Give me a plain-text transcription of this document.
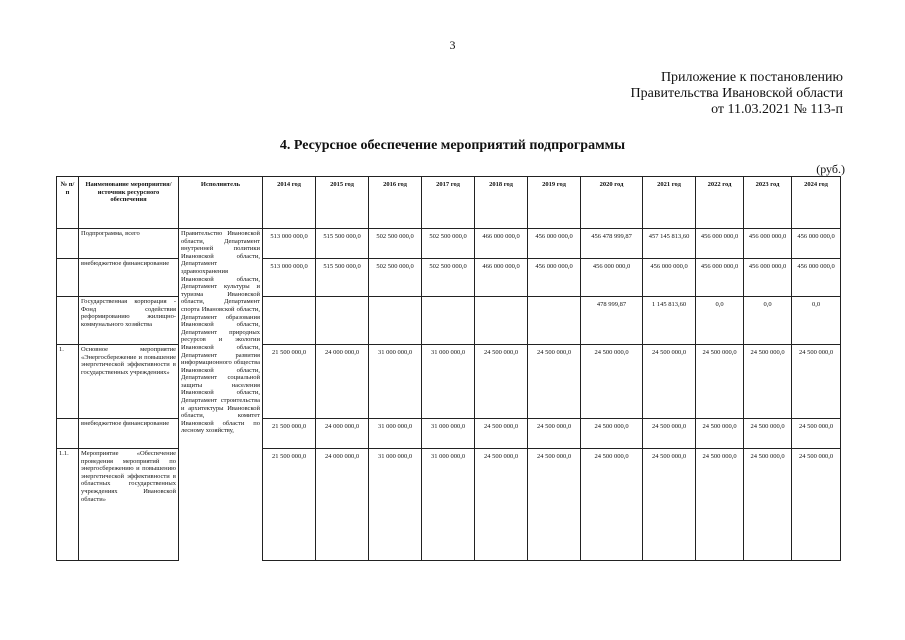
3
Приложение к постановлению
Правительства Ивановской области
от 11.03.2021 № 113-п
4. Ресурсное обеспечение мероприятий подпрограммы
(руб.)
№ п/п	Наименование мероприятия/источник ресурсного обеспечения	Исполнитель	2014 год	2015 год	2016 год	2017 год	2018 год	2019 год	2020 год	2021 год	2022 год	2023 год	2024 год
	Подпрограмма, всего	Правительство Ивановской области, Департамент внутренней политики Ивановской области, Департамент здравоохранения Ивановской области, Департамент культуры и туризма Ивановской области, Департамент спорта Ивановской области, Департамент образования Ивановской области, Департамент природных ресурсов и экологии Ивановской области, Департамент развития информационного общества Ивановской области, Департамент социальной защиты населения Ивановской области, Департамент строительства и архитектуры Ивановской области, комитет Ивановской области по лесному хозяйству,	513 000 000,0	515 500 000,0	502 500 000,0	502 500 000,0	466 000 000,0	456 000 000,0	456 478 999,87	457 145 813,60	456 000 000,0	456 000 000,0	456 000 000,0
	внебюджетное финансирование		513 000 000,0	515 500 000,0	502 500 000,0	502 500 000,0	466 000 000,0	456 000 000,0	456 000 000,0	456 000 000,0	456 000 000,0	456 000 000,0	456 000 000,0
	Государственная корпорация - Фонд содействия реформированию жилищно-коммунального хозяйства								478 999,87	1 145 813,60	0,0	0,0	0,0
1.	Основное мероприятие «Энергосбережение и повышение энергетической эффективности в государственных учреждениях»		21 500 000,0	24 000 000,0	31 000 000,0	31 000 000,0	24 500 000,0	24 500 000,0	24 500 000,0	24 500 000,0	24 500 000,0	24 500 000,0	24 500 000,0
	внебюджетное финансирование		21 500 000,0	24 000 000,0	31 000 000,0	31 000 000,0	24 500 000,0	24 500 000,0	24 500 000,0	24 500 000,0	24 500 000,0	24 500 000,0	24 500 000,0
1.1.	Мероприятие «Обеспечение проведения мероприятий по энергосбережению и повышению энергетической эффективности в областных государственных учреждениях Ивановской области»		21 500 000,0	24 000 000,0	31 000 000,0	31 000 000,0	24 500 000,0	24 500 000,0	24 500 000,0	24 500 000,0	24 500 000,0	24 500 000,0	24 500 000,0
